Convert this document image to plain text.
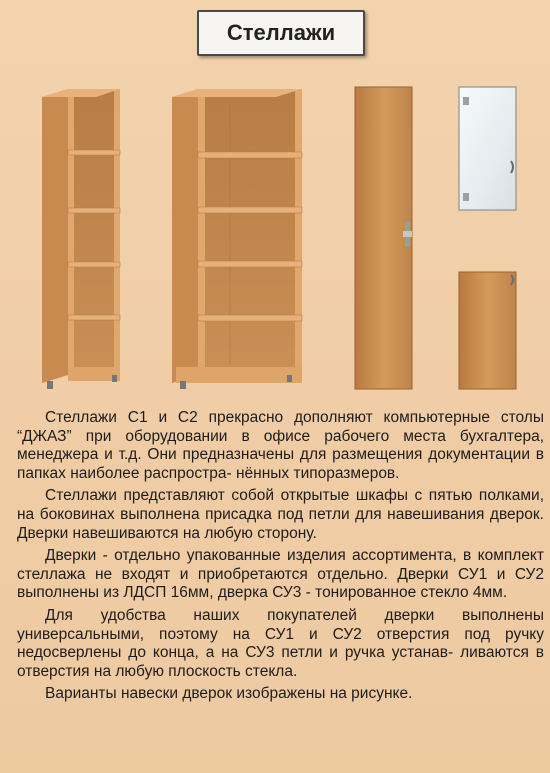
Стеллажи

Стеллажи С1 и С2 прекрасно дополняют компьютерные столы “ДЖАЗ” при оборудовании в офисе рабочего места бухгалтера, менеджера и т.д. Они предназначены для размещения документации в папках наиболее распростра- нённых типоразмеров.

Стеллажи представляют собой открытые шкафы с пятью полками, на боковинах выполнена присадка под петли для навешивания дверок. Дверки навешиваются на любую сторону.

Дверки - отдельно упакованные изделия ассортимента, в комплект стеллажа не входят и приобретаются отдельно. Дверки СУ1 и СУ2 выполнены из ЛДСП 16мм, дверка СУ3 - тонированное стекло 4мм.

Для удобства наших покупателей дверки выполнены универсальными, поэтому на СУ1 и СУ2 отверстия под ручку недосверлены до конца, а на СУ3 петли и ручка устанав- ливаются в отверстия на любую плоскость стекла.

Варианты навески дверок изображены на рисунке.
